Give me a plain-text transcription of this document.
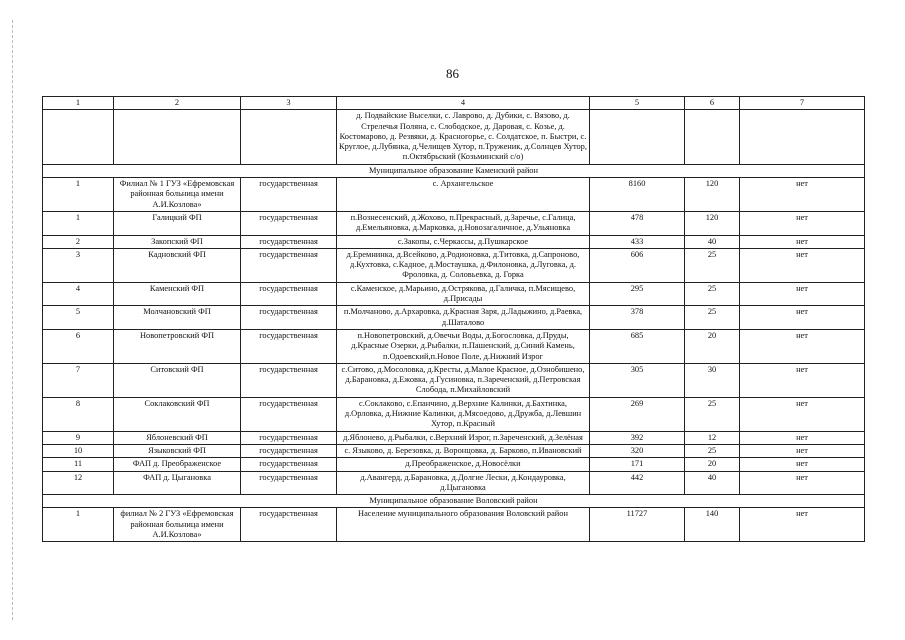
86
1	2	3	4	5	6	7
			д. Подвайские Выселки, с. Лаврово, д. Дубики, с. Вязово, д. Стрелечья Поляна, с. Слободское, д. Даровая, с. Козье, д. Костомарово, д. Резвяки, д. Красногорье, с. Солдатское, п. Быстри, с. Круглое, д.Лубянка, д.Челищев Хутор, п.Труженик, д.Солнцев Хутор, п.Октябрьский (Козьминский с/о)			
Муниципальное образование Каменский район						
1	Филиал № 1 ГУЗ «Ефремовская районная больница имени А.И.Козлова»	государственная	с. Архангельское	8160	120	нет
1	Галицкий ФП	государственная	п.Вознесенский, д.Жохово, п.Прекрасный, д.Заречье, с.Галица, д.Емельяновка, д.Марковка, д.Новозагаличное, д.Ульяновка	478	120	нет
2	Закопский ФП	государственная	с.Закопы, с.Черкассы, д.Пушкарское	433	40	нет
3	Кадновский ФП	государственная	д.Еремнинка, д.Всейково, д.Родионовка, д.Титовка, д.Сапроново, д.Кухтовка, с.Кадное, д.Мостаушка, д.Филоновка, д.Луговка, д. Фроловка, д. Соловьевка, д. Горка	606	25	нет
4	Каменский ФП	государственная	с.Каменское, д.Марьино, д.Острякова, д.Галичка, п.Мясищево, д.Присады	295	25	нет
5	Молчановский ФП	государственная	п.Молчаново, д.Архаровка, д.Красная Заря, д.Ладыжино, д.Раевка, д.Шаталово	378	25	нет
6	Новопетровский ФП	государственная	п.Новопетровский, д.Овечьи Воды, д.Богословка, д.Пруды, д.Красные Озерки, д.Рыбалки, п.Пашенский, д.Синий Камень, п.Одоевский,п.Новое Поле, д.Нижний Изрог	685	20	нет
7	Ситовский ФП	государственная	с.Ситово, д.Мосоловка, д.Кресты, д.Малое Красное, д.Ознобишено, д.Барановка, д.Ежовка, д.Гусиновка, п.Зареченский, д.Петровская Слобода, п.Михайловский	305	30	нет
8	Соклаковский ФП	государственная	с.Соклаково, с.Епанчино, д.Верхние Калинки, д.Бахтинка, д.Орловка, д.Нижние Калинки, д.Мясоедово, д.Дружба, д.Левшин Хутор, п.Красный	269	25	нет
9	Яблоневский ФП	государственная	д.Яблонево, д.Рыбалки, с.Верхний Изрог, п.Зареченский, д.Зелёная	392	12	нет
10	Языковский ФП	государственная	с. Языково, д. Березовка, д. Воронцовка, д. Барково, п.Ивановский	320	25	нет
11	ФАП д. Преображенское	государственная	д.Преображенское, д.Новосёлки	171	20	нет
12	ФАП д. Цыгановка	государственная	д.Авангерд, д.Барановка, д.Долгие Лески, д.Кондауровка, д.Цыгановка	442	40	нет
Муниципальное образование Воловский район						
1	филиал № 2 ГУЗ «Ефремовская районная больница имени А.И.Козлова»	государственная	Население муниципального образования Воловский район	11727	140	нет
